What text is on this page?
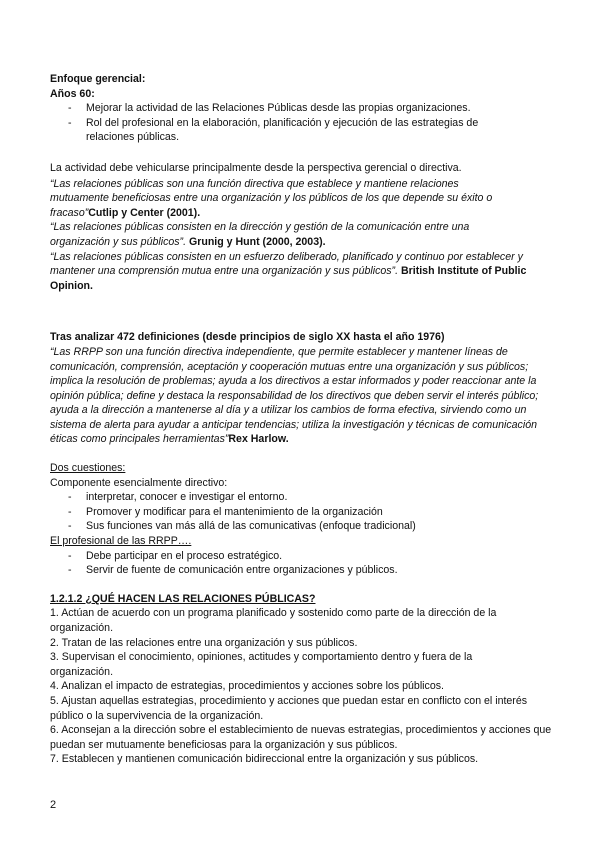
Enfoque gerencial:

Años 60:

- Mejorar la actividad de las Relaciones Públicas desde las propias organizaciones.
- Rol del profesional en la elaboración, planificación y ejecución de las estrategias de relaciones públicas.

La actividad debe vehicularse principalmente desde la perspectiva gerencial o directiva.

“Las relaciones públicas son una función directiva que establece y mantiene relaciones mutuamente beneficiosas entre una organización y los públicos de los que depende su éxito o fracaso”Cutlip y Center (2001).

“Las relaciones públicas consisten en la dirección y gestión de la comunicación entre una organización y sus públicos”. Grunig y Hunt (2000, 2003).

“Las relaciones públicas consisten en un esfuerzo deliberado, planificado y continuo por establecer y mantener una comprensión mutua entre una organización y sus públicos”. British Institute of Public Opinion.

Tras analizar 472 definiciones (desde principios de siglo XX hasta el año 1976)

“Las RRPP son una función directiva independiente, que permite establecer y mantener líneas de comunicación, comprensión, aceptación y cooperación mutuas entre una organización y sus públicos; implica la resolución de problemas; ayuda a los directivos a estar informados y poder reaccionar ante la opinión pública; define y destaca la responsabilidad de los directivos que deben servir el interés público; ayuda a la dirección a mantenerse al día y a utilizar los cambios de forma efectiva, sirviendo como un sistema de alerta para ayudar a anticipar tendencias; utiliza la investigación y técnicas de comunicación éticas como principales herramientas”Rex Harlow.

Dos cuestiones:

Componente esencialmente directivo:

- interpretar, conocer e investigar el entorno.
- Promover y modificar para el mantenimiento de la organización
- Sus funciones van más allá de las comunicativas (enfoque tradicional)

El profesional de las RRPP….

- Debe participar en el proceso estratégico.
- Servir de fuente de comunicación entre organizaciones y públicos.

1.2.1.2 ¿QUÉ HACEN LAS RELACIONES PÚBLICAS?

1. Actúan de acuerdo con un programa planificado y sostenido como parte de la dirección de la organización.

2. Tratan de las relaciones entre una organización y sus públicos.

3. Supervisan el conocimiento, opiniones, actitudes y comportamiento dentro y fuera de la organización.

4. Analizan el impacto de estrategias, procedimientos y acciones sobre los públicos.

5. Ajustan aquellas estrategias, procedimiento y acciones que puedan estar en conflicto con el interés público o la supervivencia de la organización.

6. Aconsejan a la dirección sobre el establecimiento de nuevas estrategias, procedimientos y acciones que puedan ser mutuamente beneficiosas para la organización y sus públicos.

7. Establecen y mantienen comunicación bidireccional entre la organización y sus públicos.

2
